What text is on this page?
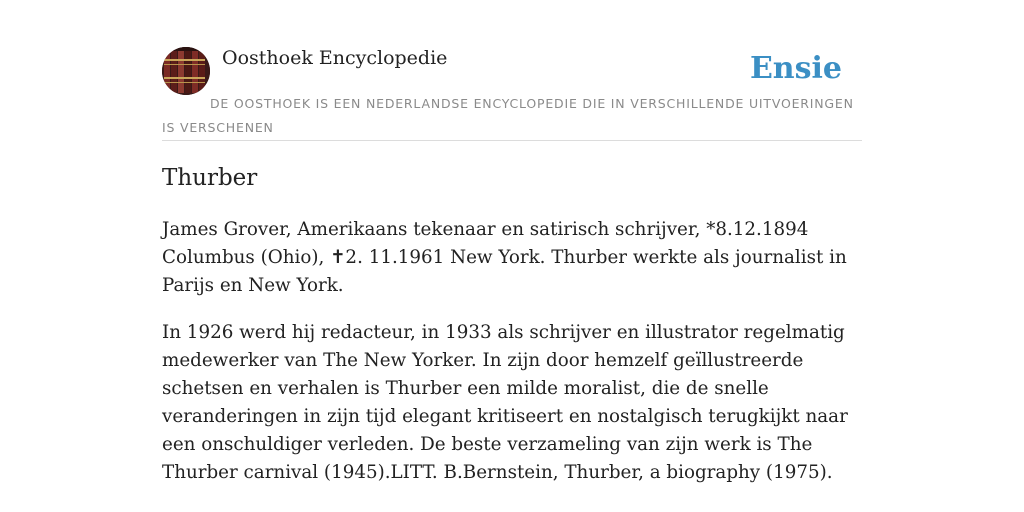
Oosthoek Encyclopedie	Ensie
DE OOSTHOEK IS EEN NEDERLANDSE ENCYCLOPEDIE DIE IN VERSCHILLENDE UITVOERINGEN IS VERSCHENEN
Thurber

James Grover, Amerikaans tekenaar en satirisch schrijver, *8.12.1894 Columbus (Ohio), ✝2. 11.1961 New York. Thurber werkte als journalist in Parijs en New York.

In 1926 werd hij redacteur, in 1933 als schrijver en illustrator regelmatig medewerker van The New Yorker. In zijn door hemzelf geïllustreerde schetsen en verhalen is Thurber een milde moralist, die de snelle veranderingen in zijn tijd elegant kritiseert en nostalgisch terugkijkt naar een onschuldiger verleden. De beste verzameling van zijn werk is The Thurber carnival (1945).LITT. B.Bernstein, Thurber, a biography (1975).
